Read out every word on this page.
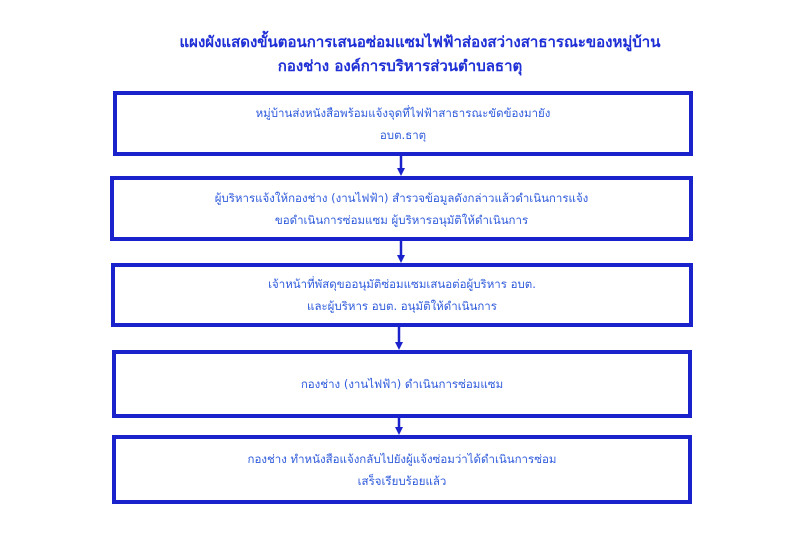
แผงผังแสดงขั้นตอนการเสนอซ่อมแซมไฟฟ้าส่องสว่างสาธารณะของหมู่บ้าน
กองช่าง องค์การบริหารส่วนตำบลธาตุ
หมู่บ้านส่งหนังสือพร้อมแจ้งจุดที่ไฟฟ้าสาธารณะขัดข้องมายัง
อบต.ธาตุ
ผู้บริหารแจ้งให้กองช่าง (งานไฟฟ้า) สำรวจข้อมูลดังกล่าวแล้วดำเนินการแจ้ง
ขอดำเนินการซ่อมแซม ผู้บริหารอนุมัติให้ดำเนินการ
เจ้าหน้าที่พัสดุขออนุมัติซ่อมแซมเสนอต่อผู้บริหาร อบต.
และผู้บริหาร อบต. อนุมัติให้ดำเนินการ
กองช่าง (งานไฟฟ้า) ดำเนินการซ่อมแซม
กองช่าง ทำหนังสือแจ้งกลับไปยังผู้แจ้งซ่อมว่าได้ดำเนินการซ่อม
เสร็จเรียบร้อยแล้ว
